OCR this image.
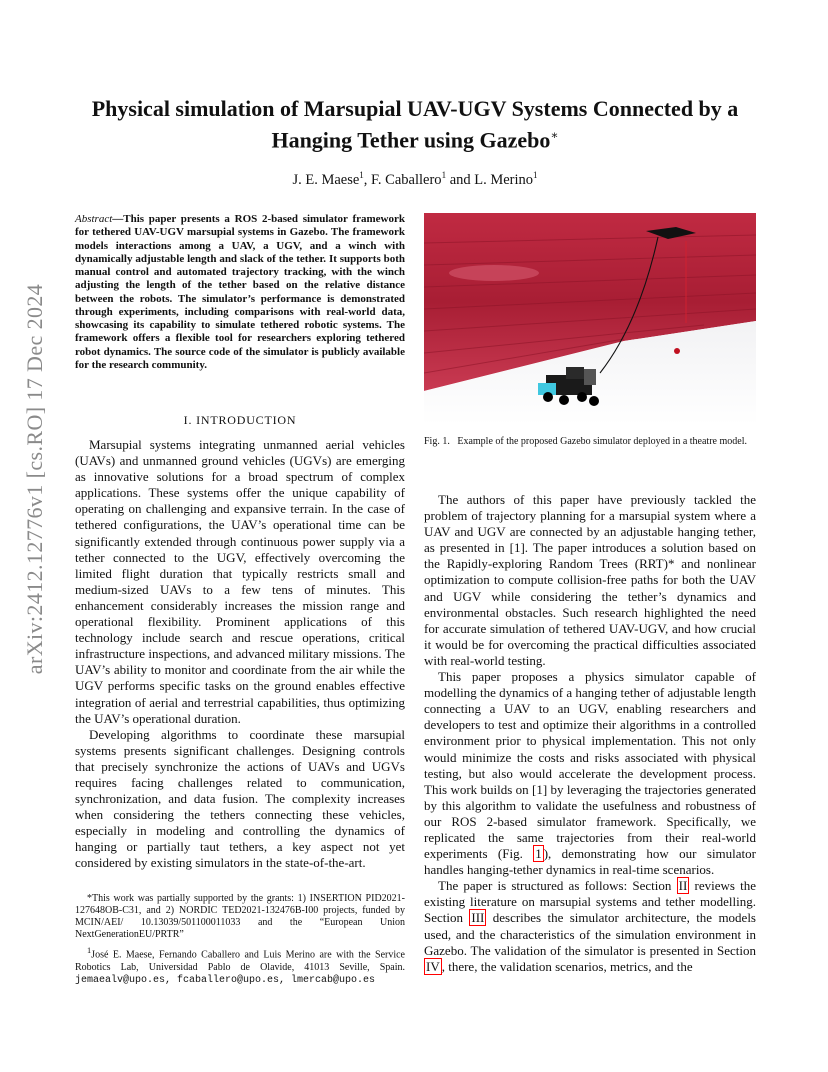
arXiv:2412.12776v1 [cs.RO] 17 Dec 2024
Physical simulation of Marsupial UAV-UGV Systems Connected by a Hanging Tether using Gazebo∗
J. E. Maese$^1$, F. Caballero$^1$ and L. Merino$^1$
Abstract—This paper presents a ROS 2-based simulator framework for tethered UAV-UGV marsupial systems in Gazebo. The framework models interactions among a UAV, a UGV, and a winch with dynamically adjustable length and slack of the tether. It supports both manual control and automated trajectory tracking, with the winch adjusting the length of the tether based on the relative distance between the robots. The simulator’s performance is demonstrated through experiments, including comparisons with real-world data, showcasing its capability to simulate tethered robotic systems. The framework offers a flexible tool for researchers exploring tethered robot dynamics. The source code of the simulator is publicly available for the research community.
I. INTRODUCTION

Marsupial systems integrating unmanned aerial vehicles (UAVs) and unmanned ground vehicles (UGVs) are emerging as innovative solutions for a broad spectrum of complex applications. These systems offer the unique capability of operating on challenging and expansive terrain. In the case of tethered configurations, the UAV’s operational time can be significantly extended through continuous power supply via a tether connected to the UGV, effectively overcoming the limited flight duration that typically restricts small and medium-sized UAVs to a few tens of minutes. This enhancement considerably increases the mission range and operational flexibility. Prominent applications of this technology include search and rescue operations, critical infrastructure inspections, and advanced military missions. The UAV’s ability to monitor and coordinate from the air while the UGV performs specific tasks on the ground enables effective integration of aerial and terrestrial capabilities, thus optimizing the UAV’s operational duration.

Developing algorithms to coordinate these marsupial systems presents significant challenges. Designing controls that precisely synchronize the actions of UAVs and UGVs requires facing challenges related to communication, synchronization, and data fusion. The complexity increases when considering the tethers connecting these vehicles, especially in modeling and controlling the dynamics of hanging or partially taut tethers, a key aspect not yet considered by existing simulators in the state-of-the-art.

*This work was partially supported by the grants: 1) INSERTION PID2021-127648OB-C31, and 2) NORDIC TED2021-132476B-I00 projects, funded by MCIN/AEI/ 10.13039/501100011033 and the “European Union NextGenerationEU/PRTR”

$^1$José E. Maese, Fernando Caballero and Luis Merino are with the Service Robotics Lab, Universidad Pablo de Olavide, 41013 Seville, Spain. jemaealv@upo.es, fcaballero@upo.es, lmercab@upo.es

Fig. 1. Example of the proposed Gazebo simulator deployed in a theatre model.

The authors of this paper have previously tackled the problem of trajectory planning for a marsupial system where a UAV and UGV are connected by an adjustable hanging tether, as presented in [1]. The paper introduces a solution based on the Rapidly-exploring Random Trees (RRT)* and nonlinear optimization to compute collision-free paths for both the UAV and UGV while considering the tether’s dynamics and environmental obstacles. Such research highlighted the need for accurate simulation of tethered UAV-UGV, and how crucial it would be for overcoming the practical difficulties associated with real-world testing.

This paper proposes a physics simulator capable of modelling the dynamics of a hanging tether of adjustable length connecting a UAV to an UGV, enabling researchers and developers to test and optimize their algorithms in a controlled environment prior to physical implementation. This not only would minimize the costs and risks associated with physical testing, but also would accelerate the development process. This work builds on [1] by leveraging the trajectories generated by this algorithm to validate the usefulness and robustness of our ROS 2-based simulator framework. Specifically, we replicated the same trajectories from their real-world experiments (Fig. 1 ), demonstrating how our simulator handles hanging-tether dynamics in real-time scenarios.

The paper is structured as follows: Section II reviews the existing literature on marsupial systems and tether modelling. Section III describes the simulator architecture, the models used, and the characteristics of the simulation environment in Gazebo. The validation of the simulator is presented in Section IV , there, the validation scenarios, metrics, and the
